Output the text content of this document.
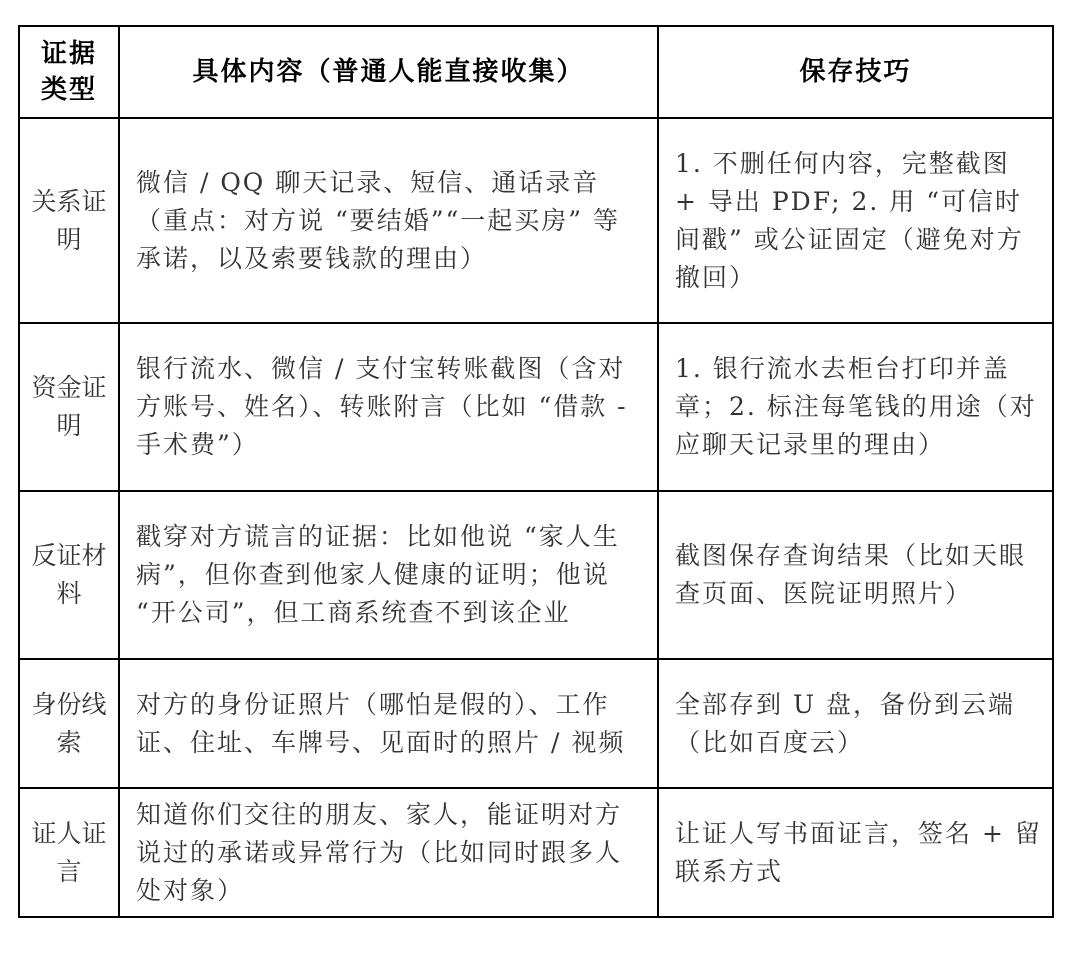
证据类型	具体内容（普通人能直接收集）	保存技巧
关系证明	微信 / QQ 聊天记录、短信、通话录音（重点：对方说 “要结婚”“一起买房” 等承诺，以及索要钱款的理由）	1. 不删任何内容，完整截图 + 导出 PDF; 2. 用 “可信时间戳” 或公证固定（避免对方撤回）
资金证明	银行流水、微信 / 支付宝转账截图（含对方账号、姓名）、转账附言（比如 “借款 - 手术费”）	1. 银行流水去柜台打印并盖章；2. 标注每笔钱的用途（对应聊天记录里的理由）
反证材料	戳穿对方谎言的证据：比如他说 “家人生病”，但你查到他家人健康的证明；他说 “开公司”，但工商系统查不到该企业	截图保存查询结果（比如天眼查页面、医院证明照片）
身份线索	对方的身份证照片（哪怕是假的）、工作证、住址、车牌号、见面时的照片 / 视频	全部存到 U 盘，备份到云端（比如百度云）
证人证言	知道你们交往的朋友、家人，能证明对方说过的承诺或异常行为（比如同时跟多人处对象）	让证人写书面证言，签名 + 留联系方式
